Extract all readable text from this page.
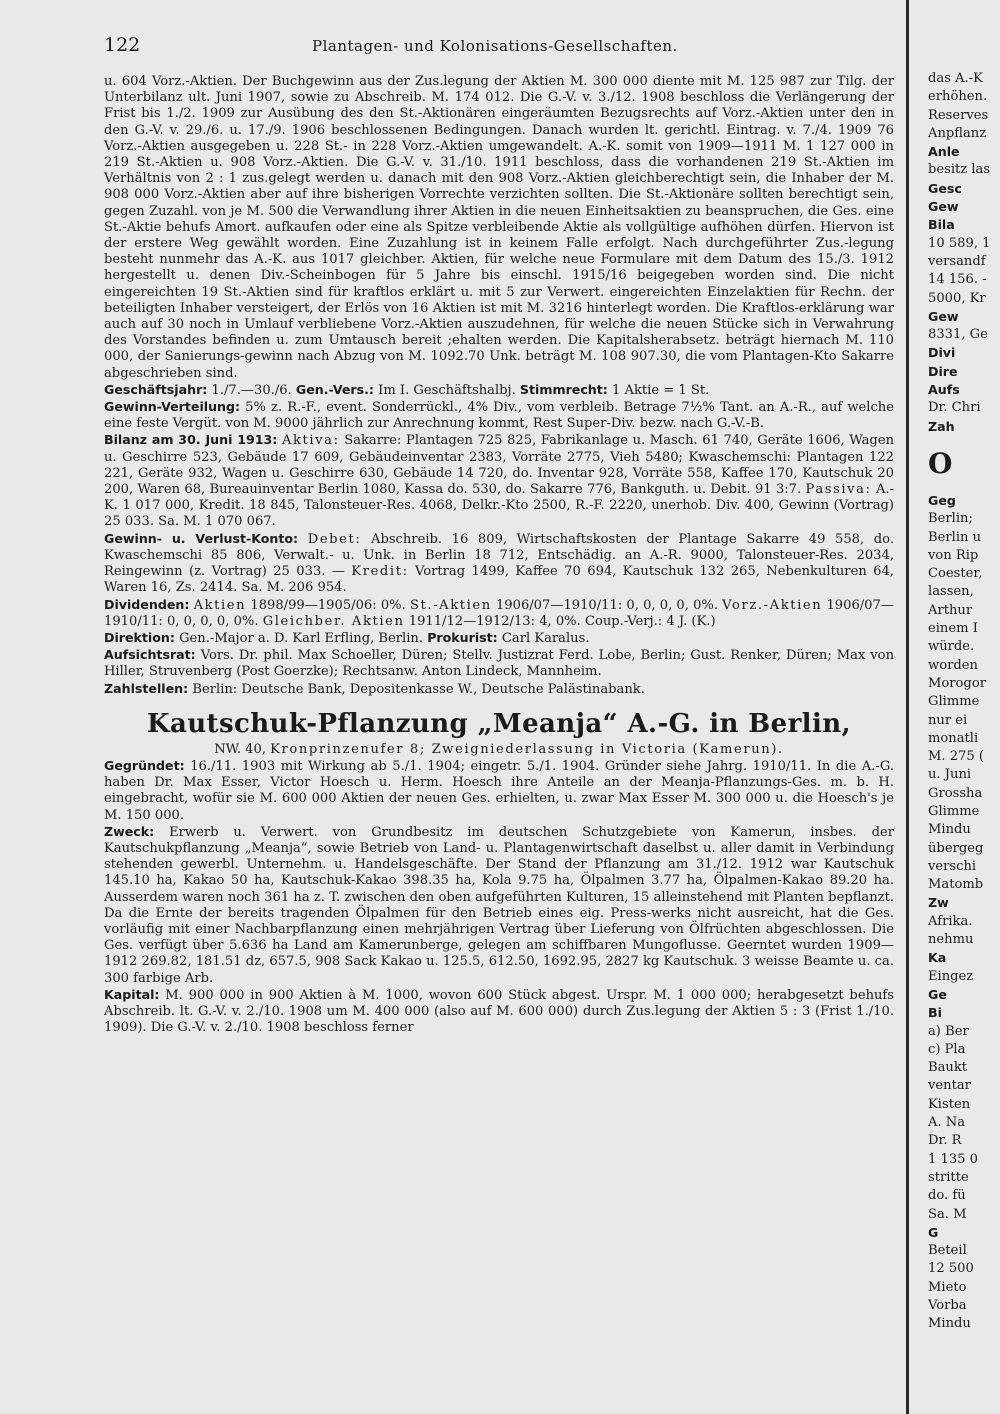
122	Plantagen- und Kolonisations-Gesellschaften.

u. 604 Vorz.-Aktien. Der Buchgewinn aus der Zus.legung der Aktien M. 300 000 diente mit M. 125 987 zur Tilg. der Unterbilanz ult. Juni 1907, sowie zu Abschreib. M. 174 012. Die G.-V. v. 3./12. 1908 beschloss die Verlängerung der Frist bis 1./2. 1909 zur Ausübung des den St.-Aktionären eingeräumten Bezugsrechts auf Vorz.-Aktien unter den in den G.-V. v. 29./6. u. 17./9. 1906 beschlossenen Bedingungen. Danach wurden lt. gerichtl. Eintrag. v. 7./4. 1909 76 Vorz.-Aktien ausgegeben u. 228 St.- in 228 Vorz.-Aktien umgewandelt. A.-K. somit von 1909—1911 M. 1 127 000 in 219 St.-Aktien u. 908 Vorz.-Aktien. Die G.-V. v. 31./10. 1911 beschloss, dass die vorhandenen 219 St.-Aktien im Verhältnis von 2 : 1 zus.gelegt werden u. danach mit den 908 Vorz.-Aktien gleichberechtigt sein, die Inhaber der M. 908 000 Vorz.-Aktien aber auf ihre bisherigen Vorrechte verzichten sollten. Die St.-Aktionäre sollten berechtigt sein, gegen Zuzahl. von je M. 500 die Verwandlung ihrer Aktien in die neuen Einheitsaktien zu beanspruchen, die Ges. eine St.-Aktie behufs Amort. aufkaufen oder eine als Spitze verbleibende Aktie als vollgültige aufhöhen dürfen. Hiervon ist der erstere Weg gewählt worden. Eine Zuzahlung ist in keinem Falle erfolgt. Nach durchgeführter Zus.-legung besteht nunmehr das A.-K. aus 1017 gleichber. Aktien, für welche neue Formulare mit dem Datum des 15./3. 1912 hergestellt u. denen Div.-Scheinbogen für 5 Jahre bis einschl. 1915/16 beigegeben worden sind. Die nicht eingereichten 19 St.-Aktien sind für kraftlos erklärt u. mit 5 zur Verwert. eingereichten Einzelaktien für Rechn. der beteiligten Inhaber versteigert, der Erlös von 16 Aktien ist mit M. 3216 hinterlegt worden. Die Kraftlos-erklärung war auch auf 30 noch in Umlauf verbliebene Vorz.-Aktien auszudehnen, für welche die neuen Stücke sich in Verwahrung des Vorstandes befinden u. zum Umtausch bereit ;ehalten werden. Die Kapitalsherabsetz. beträgt hiernach M. 110 000, der Sanierungs-gewinn nach Abzug von M. 1092.70 Unk. beträgt M. 108 907.30, die vom Plantagen-Kto Sakarre abgeschrieben sind.

Geschäftsjahr: 1./7.—30./6. Gen.-Vers.: Im I. Geschäftshalbj. Stimmrecht: 1 Aktie = 1 St.

Gewinn-Verteilung: 5% z. R.-F., event. Sonderrückl., 4% Div., vom verbleib. Betrage 7½% Tant. an A.-R., auf welche eine feste Vergüt. von M. 9000 jährlich zur Anrechnung kommt, Rest Super-Div. bezw. nach G.-V.-B.

Bilanz am 30. Juni 1913: Aktiva: Sakarre: Plantagen 725 825, Fabrikanlage u. Masch. 61 740, Geräte 1606, Wagen u. Geschirre 523, Gebäude 17 609, Gebäudeinventar 2383, Vorräte 2775, Vieh 5480; Kwaschemschi: Plantagen 122 221, Geräte 932, Wagen u. Geschirre 630, Gebäude 14 720, do. Inventar 928, Vorräte 558, Kaffee 170, Kautschuk 20 200, Waren 68, Bureauinventar Berlin 1080, Kassa do. 530, do. Sakarre 776, Bankguth. u. Debit. 91 3:7. Passiva: A.-K. 1 017 000, Kredit. 18 845, Talonsteuer-Res. 4068, Delkr.-Kto 2500, R.-F. 2220, unerhob. Div. 400, Gewinn (Vortrag) 25 033. Sa. M. 1 070 067.

Gewinn- u. Verlust-Konto: Debet: Abschreib. 16 809, Wirtschaftskosten der Plantage Sakarre 49 558, do. Kwaschemschi 85 806, Verwalt.- u. Unk. in Berlin 18 712, Entschädig. an A.-R. 9000, Talonsteuer-Res. 2034, Reingewinn (z. Vortrag) 25 033. — Kredit: Vortrag 1499, Kaffee 70 694, Kautschuk 132 265, Nebenkulturen 64, Waren 16, Zs. 2414. Sa. M. 206 954.

Dividenden: Aktien 1898/99—1905/06: 0%. St.-Aktien 1906/07—1910/11: 0, 0, 0, 0, 0%. Vorz.-Aktien 1906/07—1910/11: 0, 0, 0, 0, 0%. Gleichber. Aktien 1911/12—1912/13: 4, 0%. Coup.-Verj.: 4 J. (K.)

Direktion: Gen.-Major a. D. Karl Erfling, Berlin. Prokurist: Carl Karalus.

Aufsichtsrat: Vors. Dr. phil. Max Schoeller, Düren; Stellv. Justizrat Ferd. Lobe, Berlin; Gust. Renker, Düren; Max von Hiller, Struvenberg (Post Goerzke); Rechtsanw. Anton Lindeck, Mannheim.

Zahlstellen: Berlin: Deutsche Bank, Depositenkasse W., Deutsche Palästinabank.

Kautschuk-Pflanzung „Meanja“ A.-G. in Berlin,

NW. 40, Kronprinzenufer 8; Zweigniederlassung in Victoria (Kamerun).

Gegründet: 16./11. 1903 mit Wirkung ab 5./1. 1904; eingetr. 5./1. 1904. Gründer siehe Jahrg. 1910/11. In die A.-G. haben Dr. Max Esser, Victor Hoesch u. Herm. Hoesch ihre Anteile an der Meanja-Pflanzungs-Ges. m. b. H. eingebracht, wofür sie M. 600 000 Aktien der neuen Ges. erhielten, u. zwar Max Esser M. 300 000 u. die Hoesch's je M. 150 000.

Zweck: Erwerb u. Verwert. von Grundbesitz im deutschen Schutzgebiete von Kamerun, insbes. der Kautschukpflanzung „Meanja“, sowie Betrieb von Land- u. Plantagenwirtschaft daselbst u. aller damit in Verbindung stehenden gewerbl. Unternehm. u. Handelsgeschäfte. Der Stand der Pflanzung am 31./12. 1912 war Kautschuk 145.10 ha, Kakao 50 ha, Kautschuk-Kakao 398.35 ha, Kola 9.75 ha, Ölpalmen 3.77 ha, Ölpalmen-Kakao 89.20 ha. Ausserdem waren noch 361 ha z. T. zwischen den oben aufgeführten Kulturen, 15 alleinstehend mit Planten bepflanzt. Da die Ernte der bereits tragenden Ölpalmen für den Betrieb eines eig. Press-werks nicht ausreicht, hat die Ges. vorläufig mit einer Nachbarpflanzung einen mehrjährigen Vertrag über Lieferung von Ölfrüchten abgeschlossen. Die Ges. verfügt über 5.636 ha Land am Kamerunberge, gelegen am schiffbaren Mungoflusse. Geerntet wurden 1909—1912 269.82, 181.51 dz, 657.5, 908 Sack Kakao u. 125.5, 612.50, 1692.95, 2827 kg Kautschuk. 3 weisse Beamte u. ca. 300 farbige Arb.

Kapital: M. 900 000 in 900 Aktien à M. 1000, wovon 600 Stück abgest. Urspr. M. 1 000 000; herabgesetzt behufs Abschreib. lt. G.-V. v. 2./10. 1908 um M. 400 000 (also auf M. 600 000) durch Zus.legung der Aktien 5 : 3 (Frist 1./10. 1909). Die G.-V. v. 2./10. 1908 beschloss ferner

das A.-K
erhöhen.
Reserves
Anpflanz
Anle
besitz las
Gesc
Gew
Bila
10 589, 1
versandf
14 156. -
5000, Kr
Gew
8331, Ge
Divi
Dire
Aufs
Dr. Chri
Zah
O
Geg
Berlin;
Berlin u
von Rip
Coester,
lassen,
Arthur
einem I
würde.
worden
Morogor
Glimme
nur ei
monatli
M. 275 (
u. Juni
Grossha
Glimme
Mindu
übergeg
verschi
Matomb
Zw
Afrika.
nehmu
Ka
Eingez
Ge
Bi
a) Ber
c) Pla
Baukt
ventar
Kisten
A. Na
Dr. R
1 135 0
stritte
do. fü
Sa. M
G
Beteil
12 500
Mieto
Vorba
Mindu
